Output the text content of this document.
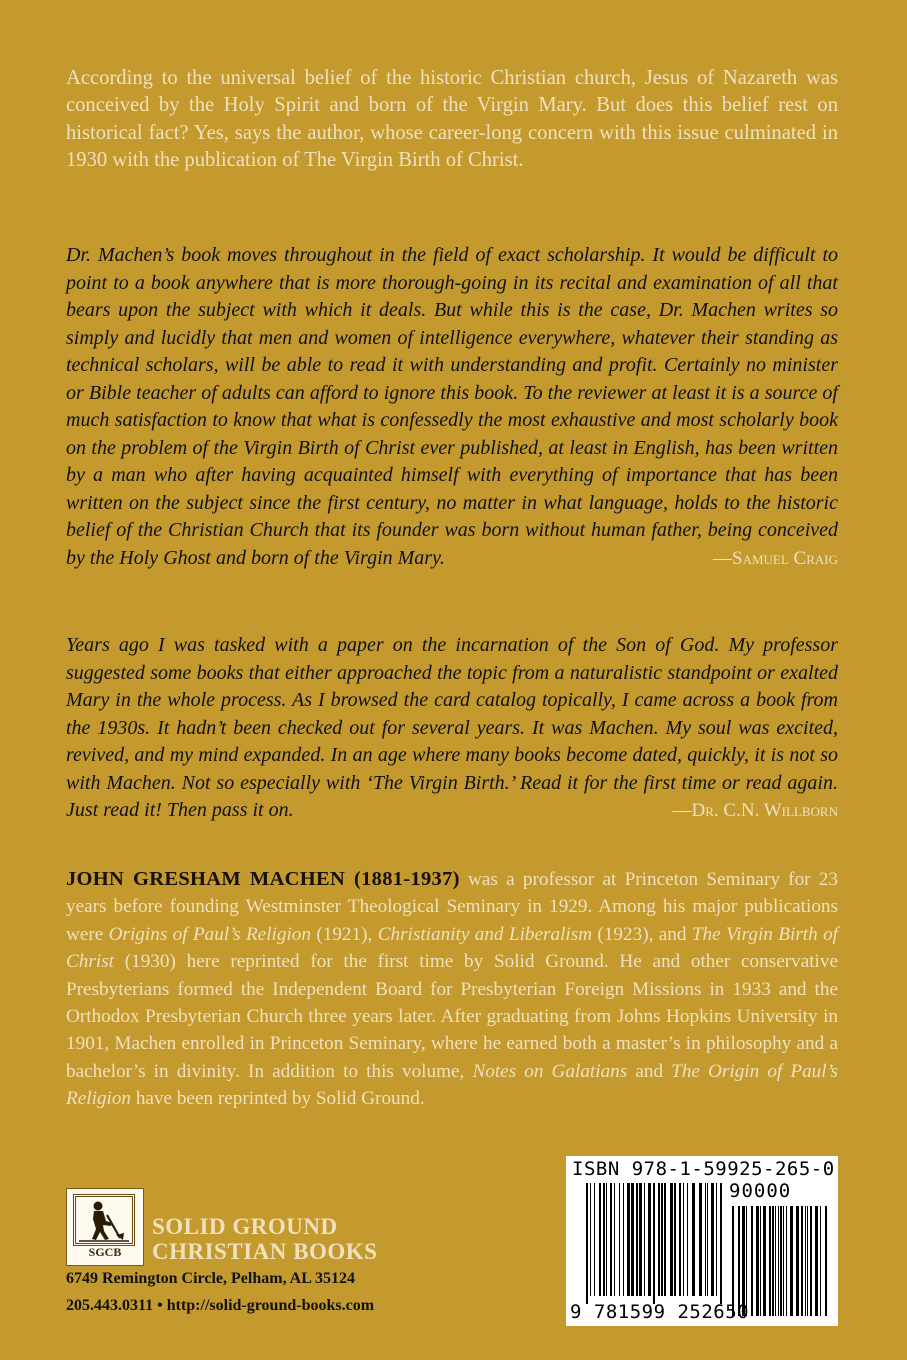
According to the universal belief of the historic Christian church, Jesus of Nazareth was conceived by the Holy Spirit and born of the Virgin Mary. But does this belief rest on historical fact? Yes, says the author, whose career-long concern with this issue culminated in 1930 with the publication of The Virgin Birth of Christ.

Dr. Machen’s book moves throughout in the field of exact scholarship. It would be difficult to point to a book anywhere that is more thorough-going in its recital and examination of all that bears upon the subject with which it deals. But while this is the case, Dr. Machen writes so simply and lucidly that men and women of intelligence everywhere, whatever their standing as technical scholars, will be able to read it with understanding and profit. Certainly no minister or Bible teacher of adults can afford to ignore this book. To the reviewer at least it is a source of much satisfaction to know that what is confessedly the most exhaustive and most scholarly book on the problem of the Virgin Birth of Christ ever published, at least in English, has been written by a man who after having acquainted himself with everything of importance that has been written on the subject since the first century, no matter in what language, holds to the historic belief of the Christian Church that its founder was born without human father, being conceived by the Holy Ghost and born of the Virgin Mary.	—Samuel Craig

Years ago I was tasked with a paper on the incarnation of the Son of God. My professor suggested some books that either approached the topic from a naturalistic standpoint or exalted Mary in the whole process. As I browsed the card catalog topically, I came across a book from the 1930s. It hadn’t been checked out for several years. It was Machen. My soul was excited, revived, and my mind expanded. In an age where many books become dated, quickly, it is not so with Machen. Not so especially with ‘The Virgin Birth.’ Read it for the first time or read again. Just read it! Then pass it on.	—Dr. C.N. Willborn

JOHN GRESHAM MACHEN (1881-1937) was a professor at Princeton Seminary for 23 years before founding Westminster Theological Seminary in 1929. Among his major publications were Origins of Paul’s Religion (1921), Christianity and Liberalism (1923), and The Virgin Birth of Christ (1930) here reprinted for the first time by Solid Ground. He and other conservative Presbyterians formed the Independent Board for Presbyterian Foreign Missions in 1933 and the Orthodox Presbyterian Church three years later. After graduating from Johns Hopkins University in 1901, Machen enrolled in Princeton Seminary, where he earned both a master’s in philosophy and a bachelor’s in divinity. In addition to this volume, Notes on Galatians and The Origin of Paul’s Religion have been reprinted by Solid Ground.

SGCB
SOLID GROUND
CHRISTIAN BOOKS
6749 Remington Circle, Pelham, AL 35124
205.443.0311 • http://solid-ground-books.com
ISBN 978-1-59925-265-0
90000
9 781599 252650
